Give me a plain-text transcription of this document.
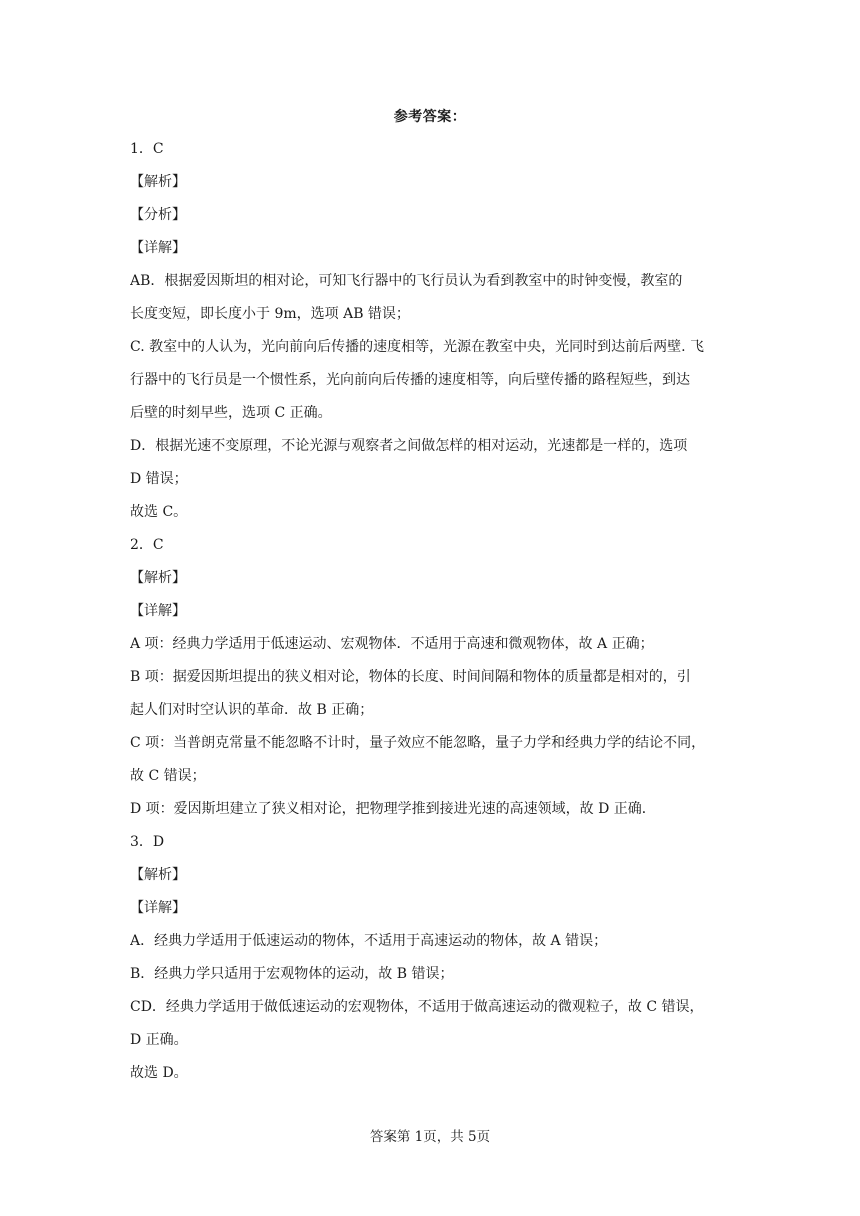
参考答案：
1．C
【解析】
【分析】
【详解】
AB．根据爱因斯坦的相对论，可知飞行器中的飞行员认为看到教室中的时钟变慢，教室的
长度变短，即长度小于 9m，选项 AB 错误；
C. 教室中的人认为，光向前向后传播的速度相等，光源在教室中央，光同时到达前后两壁. 飞
行器中的飞行员是一个惯性系，光向前向后传播的速度相等，向后壁传播的路程短些，到达
后壁的时刻早些，选项 C 正确。
D．根据光速不变原理，不论光源与观察者之间做怎样的相对运动，光速都是一样的，选项
D 错误；
故选 C。
2．C
【解析】
【详解】
A 项：经典力学适用于低速运动、宏观物体．不适用于高速和微观物体，故 A 正确；
B 项：据爱因斯坦提出的狭义相对论，物体的长度、时间间隔和物体的质量都是相对的，引
起人们对时空认识的革命．故 B 正确；
C 项：当普朗克常量不能忽略不计时，量子效应不能忽略，量子力学和经典力学的结论不同，
故 C 错误；
D 项：爱因斯坦建立了狭义相对论，把物理学推到接进光速的高速领域，故 D 正确．
3．D
【解析】
【详解】
A．经典力学适用于低速运动的物体，不适用于高速运动的物体，故 A 错误；
B．经典力学只适用于宏观物体的运动，故 B 错误；
CD．经典力学适用于做低速运动的宏观物体，不适用于做高速运动的微观粒子，故 C 错误，
D 正确。
故选 D。
答案第 1页，共 5页
